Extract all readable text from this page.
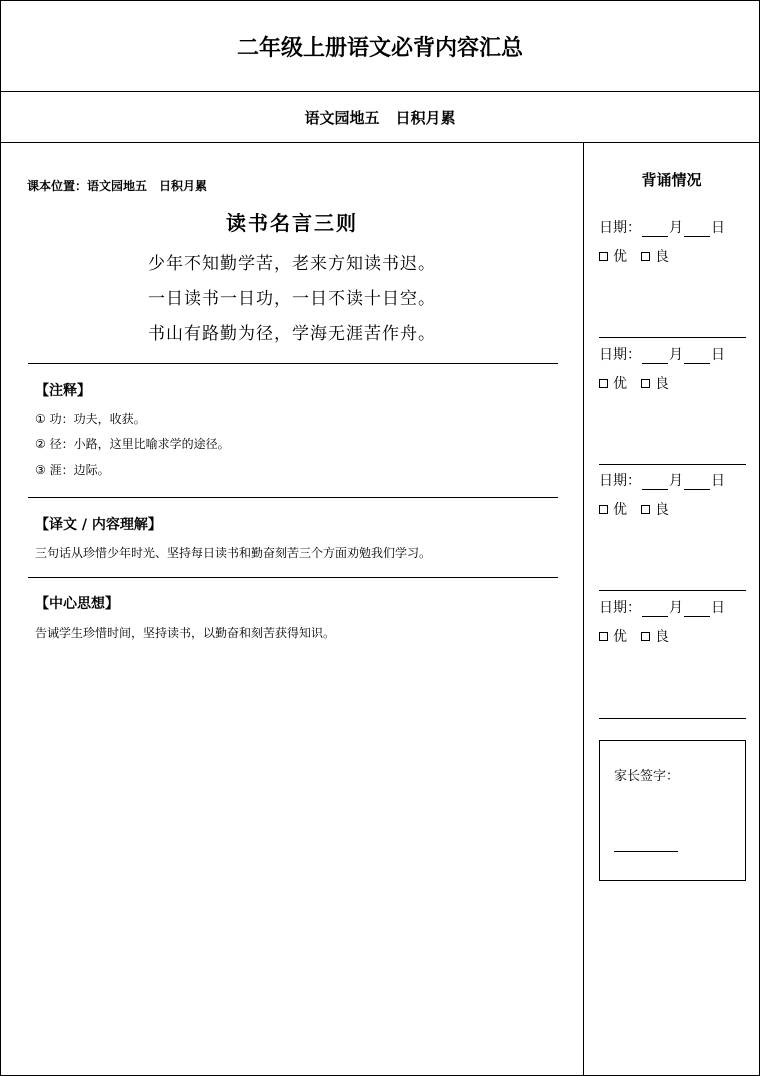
二年级上册语文必背内容汇总
语文园地五 日积月累
课本位置：语文园地五 日积月累
读书名言三则
少年不知勤学苦，老来方知读书迟。
一日读书一日功，一日不读十日空。
书山有路勤为径，学海无涯苦作舟。
【注释】
① 功：功夫，收获。
② 径：小路，这里比喻求学的途径。
③ 涯：边际。
【译文 / 内容理解】
三句话从珍惜少年时光、坚持每日读书和勤奋刻苦三个方面劝勉我们学习。
【中心思想】
告诫学生珍惜时间，坚持读书，以勤奋和刻苦获得知识。
背诵情况
日期： 月 日
优 良
日期： 月 日
优 良
日期： 月 日
优 良
日期： 月 日
优 良
家长签字：
